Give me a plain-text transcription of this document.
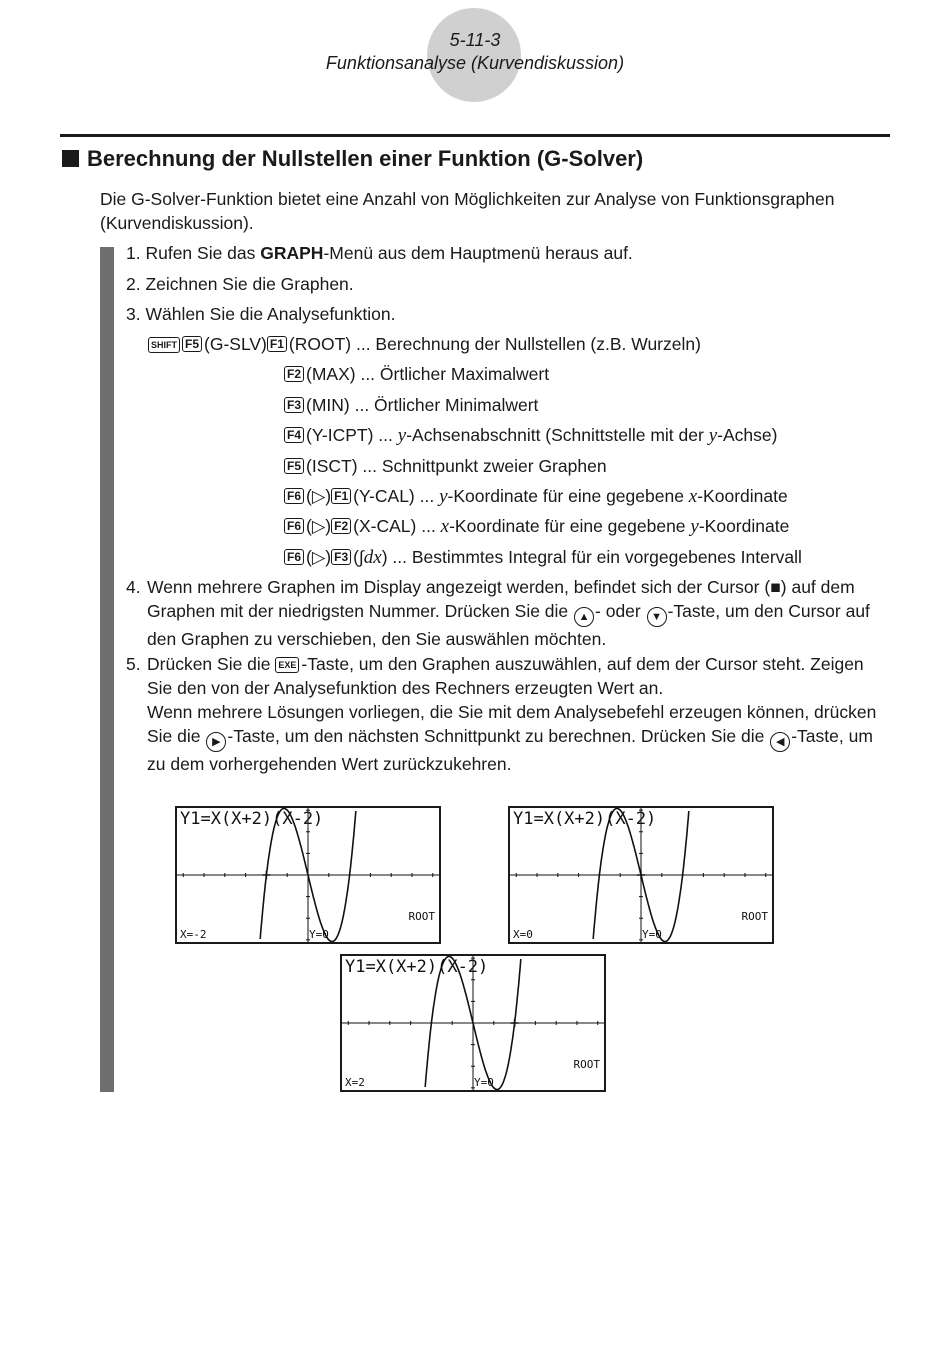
5-11-3
Funktionsanalyse (Kurvendiskussion)
Berechnung der Nullstellen einer Funktion (G-Solver)
Die G-Solver-Funktion bietet eine Anzahl von Möglichkeiten zur Analyse von Funktionsgraphen (Kurvendiskussion).
1. Rufen Sie das GRAPH-Menü aus dem Hauptmenü heraus auf.
2. Zeichnen Sie die Graphen.
3. Wählen Sie die Analysefunktion.
SHIFT F5 (G-SLV) F1 (ROOT) ... Berechnung der Nullstellen (z.B. Wurzeln)
F2 (MAX) ... Örtlicher Maximalwert
F3 (MIN) ... Örtlicher Minimalwert
F4 (Y-ICPT) ... y-Achsenabschnitt (Schnittstelle mit der y-Achse)
F5 (ISCT) ... Schnittpunkt zweier Graphen
F6 (▷) F1 (Y-CAL) ... y-Koordinate für eine gegebene x-Koordinate
F6 (▷) F2 (X-CAL) ... x-Koordinate für eine gegebene y-Koordinate
F6 (▷) F3 (∫dx) ... Bestimmtes Integral für ein vorgegebenes Intervall
4. Wenn mehrere Graphen im Display angezeigt werden, befindet sich der Cursor (■) auf dem Graphen mit der niedrigsten Nummer. Drücken Sie die ▲ - oder ▼ -Taste, um den Cursor auf den Graphen zu verschieben, den Sie auswählen möchten.
5. Drücken Sie die EXE -Taste, um den Graphen auszuwählen, auf dem der Cursor steht. Zeigen Sie den von der Analysefunktion des Rechners erzeugten Wert an.
Wenn mehrere Lösungen vorliegen, die Sie mit dem Analysebefehl erzeugen können, drücken Sie die ▶ -Taste, um den nächsten Schnittpunkt zu berechnen. Drücken Sie die ◀ -Taste, um zu dem vorhergehenden Wert zurückzukehren.
Y1=X(X+2)(X-2)
X=-2	Y=0
ROOT
Y1=X(X+2)(X-2)
X=0	Y=0
ROOT
Y1=X(X+2)(X-2)
X=2	Y=0
ROOT
